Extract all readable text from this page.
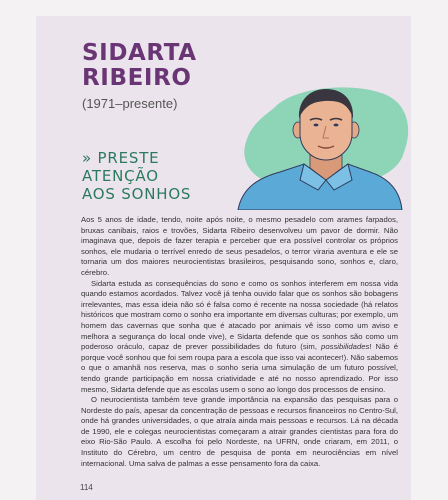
SIDARTA
RIBEIRO
(1971–presente)
» PRESTE
ATENÇÃO
AOS SONHOS

Aos 5 anos de idade, tendo, noite após noite, o mesmo pesadelo com arames farpados, bruxas canibais, raios e trovões, Sidarta Ribeiro desenvolveu um pavor de dormir. Não imaginava que, depois de fazer terapia e perceber que era possível controlar os próprios sonhos, ele mudaria o terrível enredo de seus pesadelos, o terror viraria aventura e ele se tornaria um dos maiores neurocientistas brasileiros, pesquisando sono, sonhos e, claro, cérebro.

Sidarta estuda as consequências do sono e como os sonhos interferem em nossa vida quando estamos acordados. Talvez você já tenha ouvido falar que os sonhos são bobagens irrelevantes, mas essa ideia não só é falsa como é recente na nossa sociedade (há relatos históricos que mostram como o sonho era importante em diversas culturas; por exemplo, um homem das cavernas que sonha que é atacado por animais vê isso como um aviso e melhora a segurança do local onde vive), e Sidarta defende que os sonhos são como um poderoso oráculo, capaz de prever possibilidades do futuro (sim, possibilidades! Não é porque você sonhou que foi sem roupa para a escola que isso vai acontecer!). Não sabemos o que o amanhã nos reserva, mas o sonho seria uma simulação de um futuro possível, tendo grande participação em nossa criatividade e até no nosso aprendizado. Por isso mesmo, Sidarta defende que as escolas usem o sono ao longo dos processos de ensino.

O neurocientista também teve grande importância na expansão das pesquisas para o Nordeste do país, apesar da concentração de pessoas e recursos financeiros no Centro-Sul, onde há grandes universidades, o que atraía ainda mais pessoas e recursos. Lá na década de 1990, ele e colegas neurocientistas começaram a atrair grandes cientistas para fora do eixo Rio-São Paulo. A escolha foi pelo Nordeste, na UFRN, onde criaram, em 2011, o Instituto do Cérebro, um centro de pesquisa de ponta em neurociências em nível internacional. Uma salva de palmas a esse pensamento fora da caixa.

114
